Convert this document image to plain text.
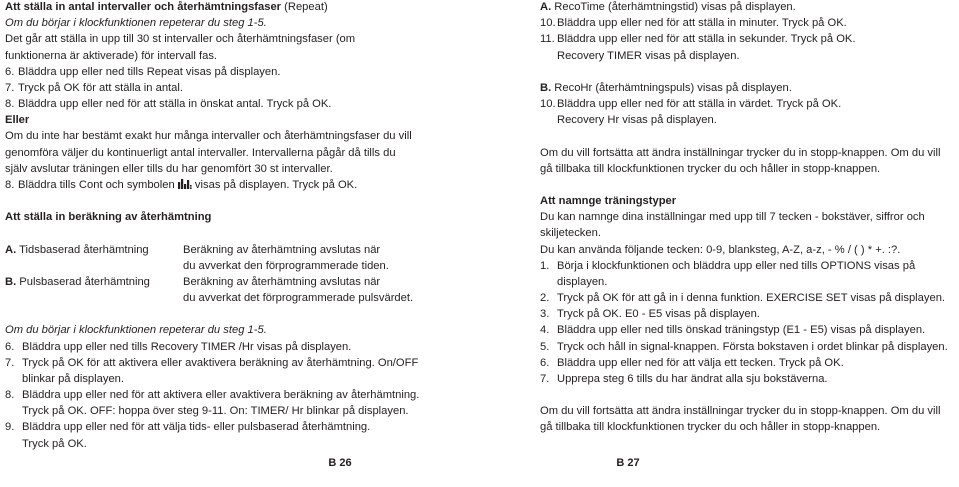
Att ställa in antal intervaller och återhämtningsfaser (Repeat)
Om du börjar i klockfunktionen repeterar du steg 1-5.
Det går att ställa in upp till 30 st intervaller och återhämtningsfaser (om
funktionerna är aktiverade) för intervall fas.
6. Bläddra upp eller ned tills Repeat visas på displayen.
7. Tryck på OK för att ställa in antal.
8. Bläddra upp eller ned för att ställa in önskat antal. Tryck på OK.
Eller
Om du inte har bestämt exakt hur många intervaller och återhämtningsfaser du vill
genomföra väljer du kontinuerligt antal intervaller. Intervallerna pågår då tills du
själv avslutar träningen eller tills du har genomfört 30 st intervaller.
8. Bläddra tills Cont och symbolen visas på displayen. Tryck på OK.
Att ställa in beräkning av återhämtning
A. Tidsbaserad återhämtning	Beräkning av återhämtning avslutas när
du avverkat den förprogrammerade tiden.
B. Pulsbaserad återhämtning	Beräkning av återhämtning avslutas när
du avverkat det förprogrammerade pulsvärdet.
Om du börjar i klockfunktionen repeterar du steg 1-5.
6. Bläddra upp eller ned tills Recovery TIMER /Hr visas på displayen.
7. Tryck på OK för att aktivera eller avaktivera beräkning av återhämtning. On/OFF
blinkar på displayen.
8. Bläddra upp eller ned för att aktivera eller avaktivera beräkning av återhämtning.
Tryck på OK. OFF: hoppa över steg 9-11. On: TIMER/ Hr blinkar på displayen.
9. Bläddra upp eller ned för att välja tids- eller pulsbaserad återhämtning.
Tryck på OK.
A. RecoTime (återhämtningstid) visas på displayen.
10.Bläddra upp eller ned för att ställa in minuter. Tryck på OK.
11. Bläddra upp eller ned för att ställa in sekunder. Tryck på OK.
Recovery TIMER visas på displayen.
B. RecoHr (återhämtningspuls) visas på displayen.
10.Bläddra upp eller ned för att ställa in värdet. Tryck på OK.
Recovery Hr visas på displayen.
Om du vill fortsätta att ändra inställningar trycker du in stopp-knappen. Om du vill
gå tillbaka till klockfunktionen trycker du och håller in stopp-knappen.
Att namnge träningstyper
Du kan namnge dina inställningar med upp till 7 tecken - bokstäver, siffror och
skiljetecken.
Du kan använda följande tecken: 0-9, blanksteg, A-Z, a-z, - % / ( ) * +. :?.
1. Börja i klockfunktionen och bläddra upp eller ned tills OPTIONS visas på
displayen.
2. Tryck på OK för att gå in i denna funktion. EXERCISE SET visas på displayen.
3. Tryck på OK. E0 - E5 visas på displayen.
4. Bläddra upp eller ned tills önskad träningstyp (E1 - E5) visas på displayen.
5. Tryck och håll in signal-knappen. Första bokstaven i ordet blinkar på displayen.
6. Bläddra upp eller ned för att välja ett tecken. Tryck på OK.
7. Upprepa steg 6 tills du har ändrat alla sju bokstäverna.
Om du vill fortsätta att ändra inställningar trycker du in stopp-knappen. Om du vill
gå tillbaka till klockfunktionen trycker du och håller in stopp-knappen.
B 26	B 27
